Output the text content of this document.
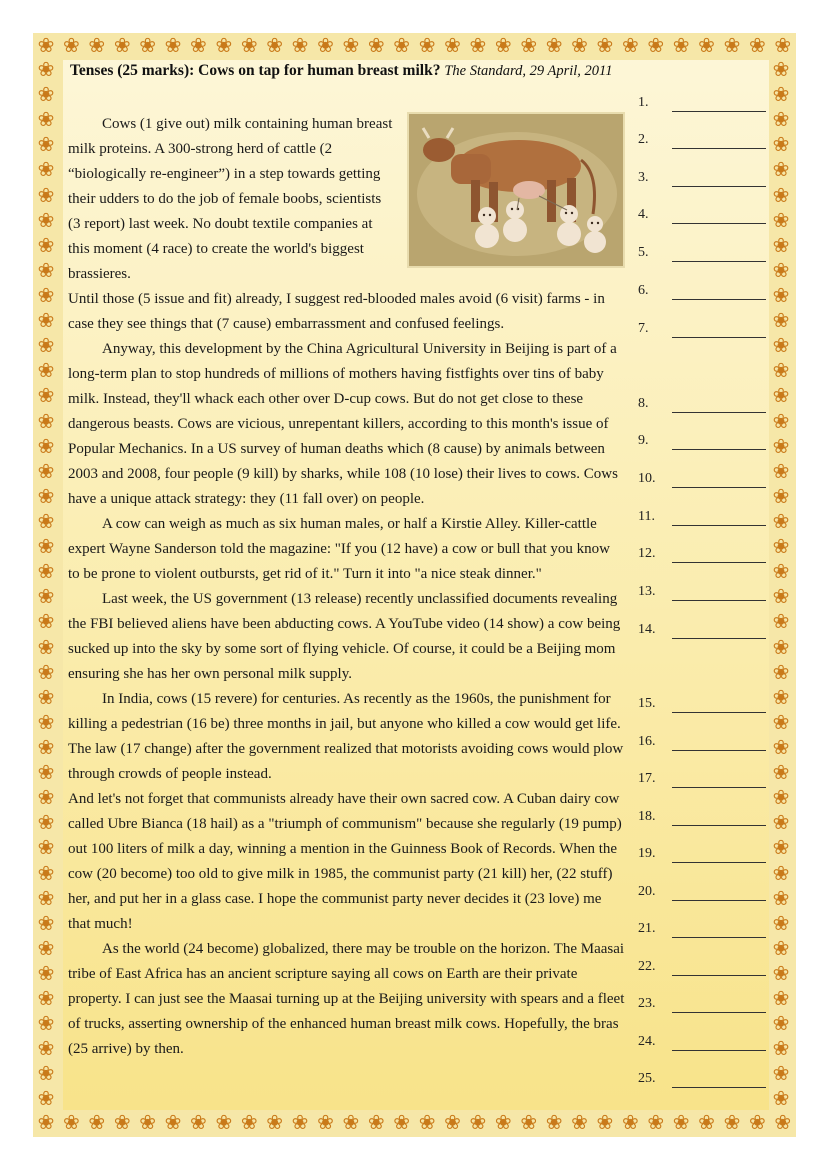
❀ ❀ ❀ ❀ ❀ ❀ ❀ ❀ ❀ ❀ ❀ ❀ ❀ ❀ ❀ ❀ ❀ ❀ ❀ ❀ ❀ ❀ ❀ ❀ ❀ ❀ ❀ ❀ ❀ ❀
❀ ❀ ❀ ❀ ❀ ❀ ❀ ❀ ❀ ❀ ❀ ❀ ❀ ❀ ❀ ❀ ❀ ❀ ❀ ❀ ❀ ❀ ❀ ❀ ❀ ❀ ❀ ❀ ❀ ❀
❀
❀
❀
❀
❀
❀
❀
❀
❀
❀
❀
❀
❀
❀
❀
❀
❀
❀
❀
❀
❀
❀
❀
❀
❀
❀
❀
❀
❀
❀
❀
❀
❀
❀
❀
❀
❀
❀
❀
❀
❀
❀
❀
❀
❀
❀
❀
❀
❀
❀
❀
❀
❀
❀
❀
❀
❀
❀
❀
❀
❀
❀
❀
❀
❀
❀
❀
❀
❀
❀
❀
❀
❀
❀
❀
❀
❀
❀
❀
❀
❀
❀
❀
❀
Tenses (25 marks): Cows on tap for human breast milk? The Standard, 29 April, 2011

Cows (1 give out) milk containing human breast milk proteins. A 300-strong herd of cattle (2 “biologically re-engineer”) in a step towards getting their udders to do the job of female boobs, scientists (3 report) last week. No doubt textile companies at this moment (4 race) to create the world's biggest brassieres.

Until those (5 issue and fit) already, I suggest red-blooded males avoid (6 visit) farms - in case they see things that (7 cause) embarrassment and confused feelings.

Anyway, this development by the China Agricultural University in Beijing is part of a long-term plan to stop hundreds of millions of mothers having fistfights over tins of baby milk. Instead, they'll whack each other over D-cup cows. But do not get close to these dangerous beasts. Cows are vicious, unrepentant killers, according to this month's issue of Popular Mechanics. In a US survey of human deaths which (8 cause) by animals between 2003 and 2008, four people (9 kill) by sharks, while 108 (10 lose) their lives to cows. Cows have a unique attack strategy: they (11 fall over) on people.

A cow can weigh as much as six human males, or half a Kirstie Alley. Killer-cattle expert Wayne Sanderson told the magazine: "If you (12 have) a cow or bull that you know to be prone to violent outbursts, get rid of it." Turn it into "a nice steak dinner."

Last week, the US government (13 release) recently unclassified documents revealing the FBI believed aliens have been abducting cows. A YouTube video (14 show) a cow being sucked up into the sky by some sort of flying vehicle. Of course, it could be a Beijing mom ensuring she has her own personal milk supply.

In India, cows (15 revere) for centuries. As recently as the 1960s, the punishment for killing a pedestrian (16 be) three months in jail, but anyone who killed a cow would get life. The law (17 change) after the government realized that motorists avoiding cows would plow through crowds of people instead.

And let's not forget that communists already have their own sacred cow. A Cuban dairy cow called Ubre Bianca (18 hail) as a "triumph of communism" because she regularly (19 pump) out 100 liters of milk a day, winning a mention in the Guinness Book of Records. When the cow (20 become) too old to give milk in 1985, the communist party (21 kill) her, (22 stuff) her, and put her in a glass case. I hope the communist party never decides it (23 love) me that much!

As the world (24 become) globalized, there may be trouble on the horizon. The Maasai tribe of East Africa has an ancient scripture saying all cows on Earth are their private property. I can just see the Maasai turning up at the Beijing university with spears and a fleet of trucks, asserting ownership of the enhanced human breast milk cows. Hopefully, the bras (25 arrive) by then.

1.
2.
3.
4.
5.
6.
7.
8.
9.
10.
11.
12.
13.
14.
15.
16.
17.
18.
19.
20.
21.
22.
23.
24.
25.
